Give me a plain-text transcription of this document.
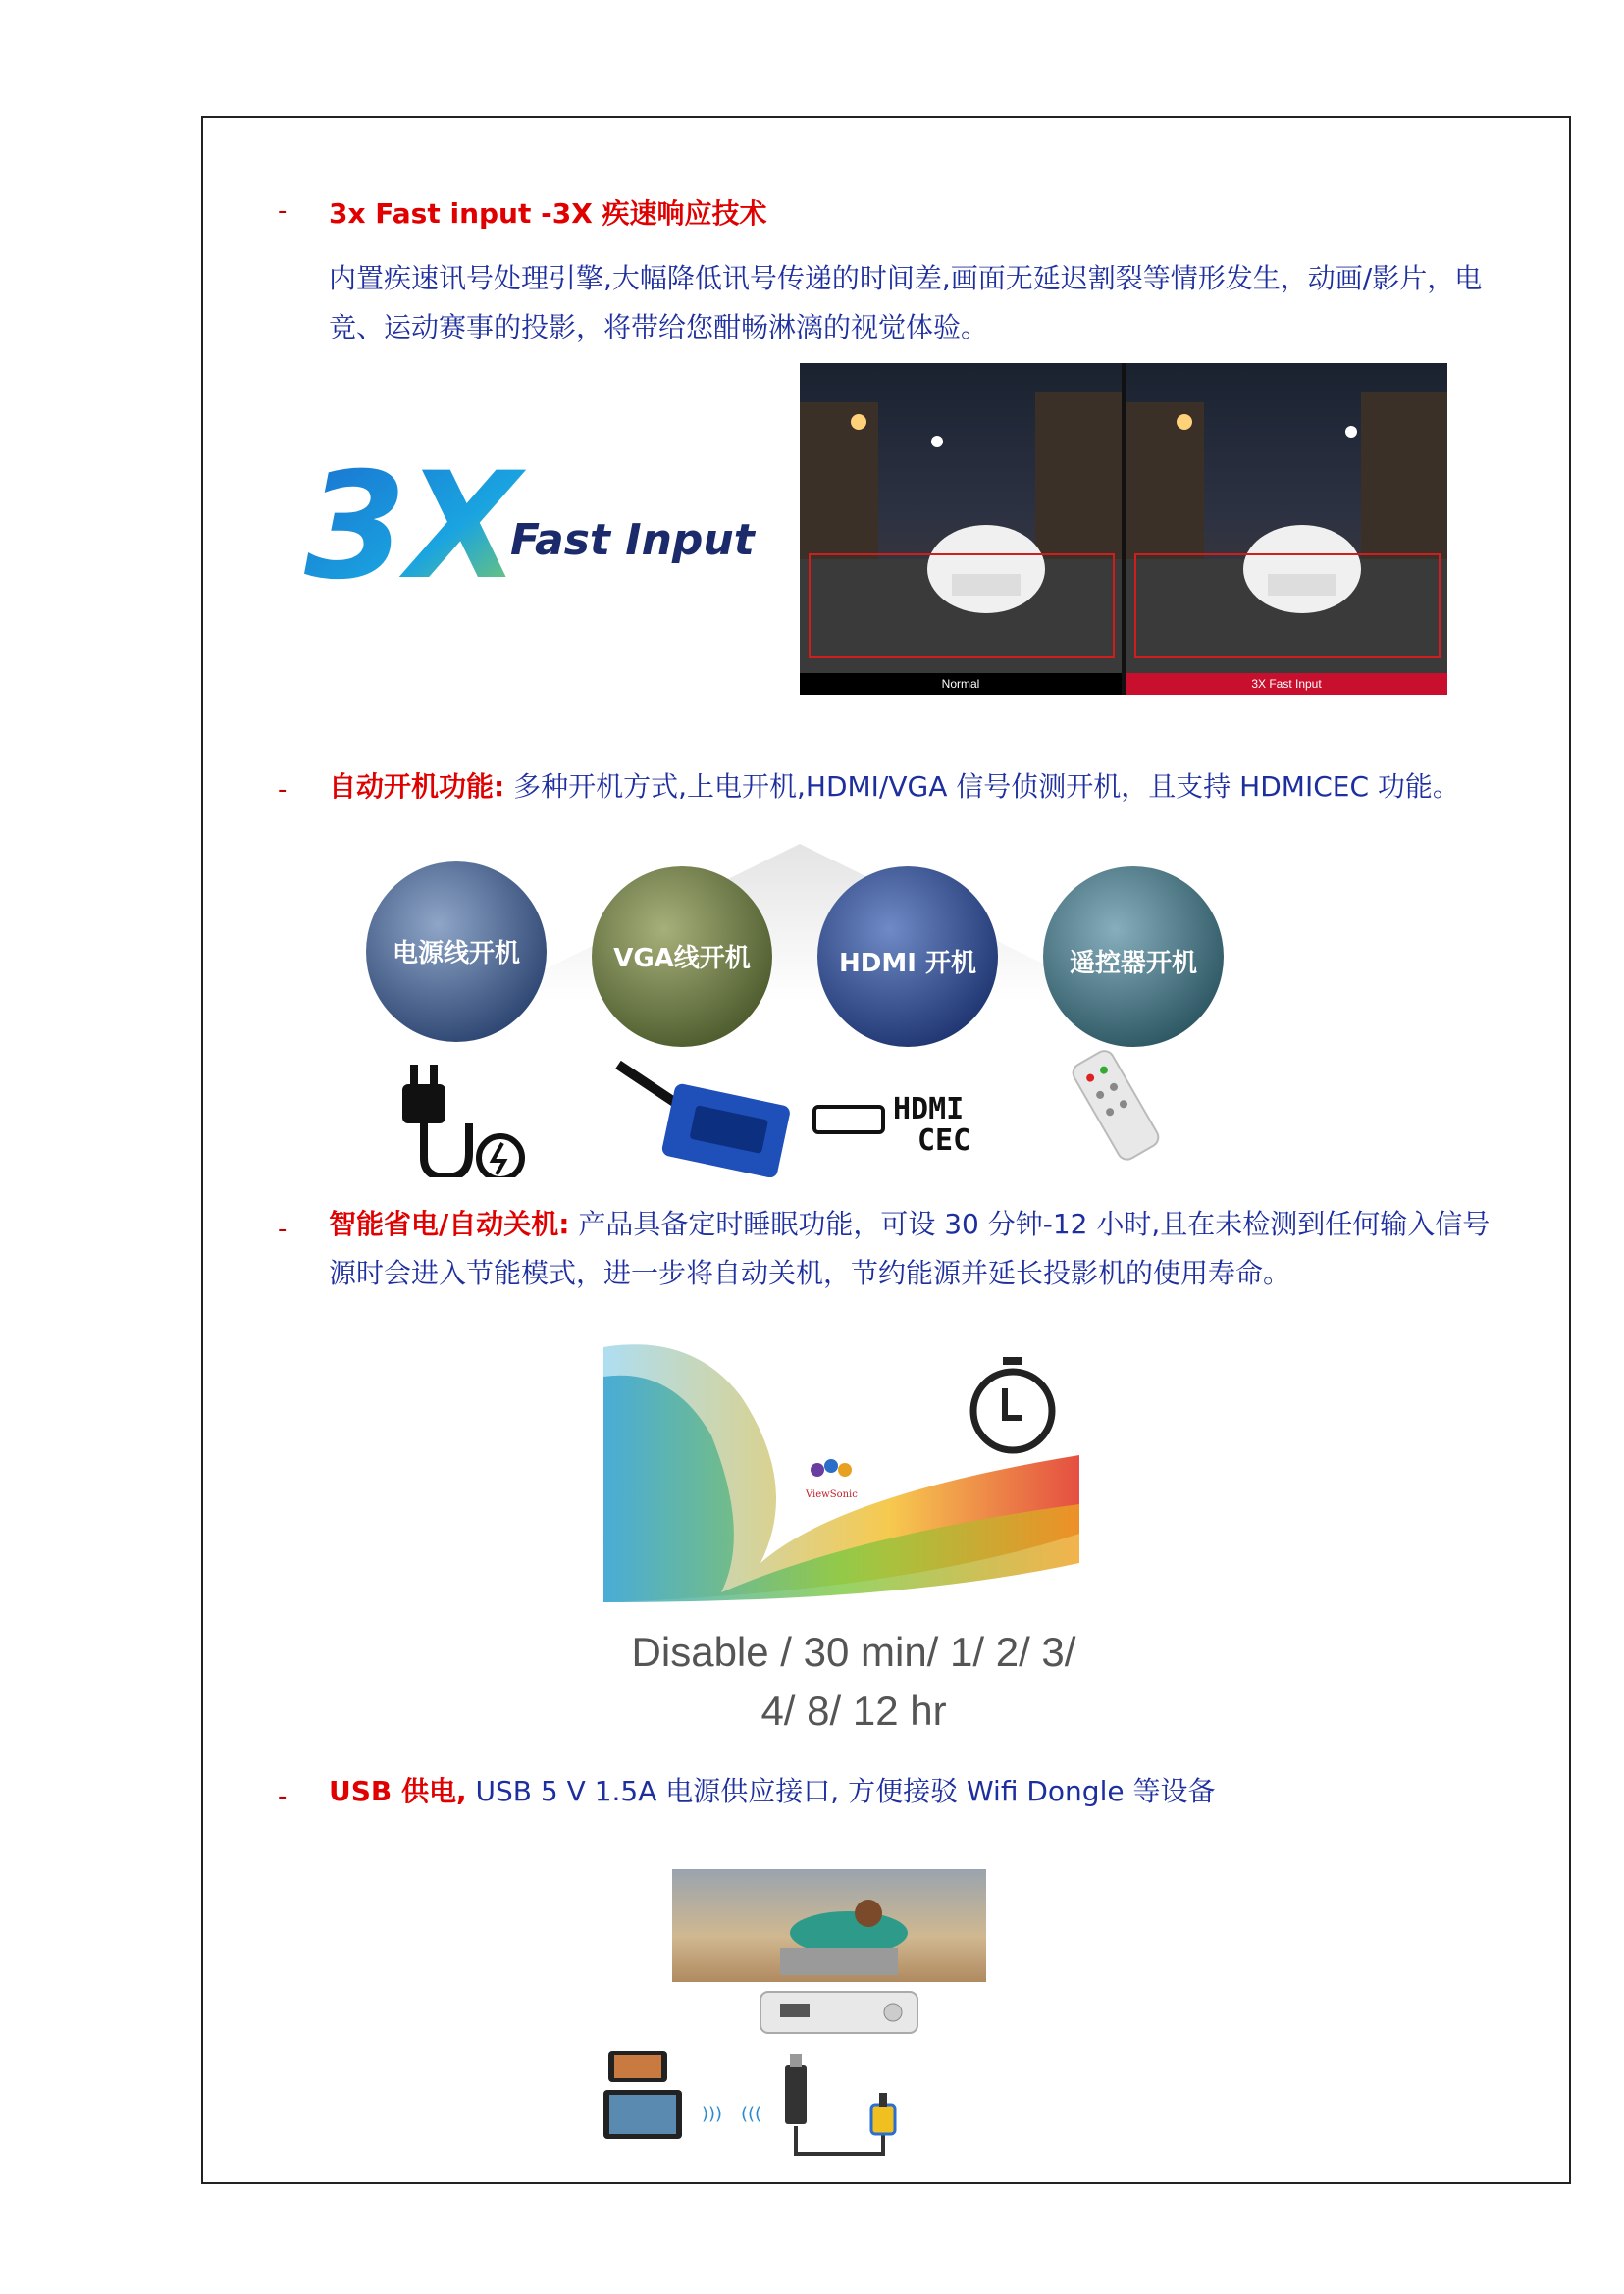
- 3x Fast input -3X 疾速响应技术
内置疾速讯号处理引擎,大幅降低讯号传递的时间差,画面无延迟割裂等情形发生，动画/影片，电
竞、运动赛事的投影，将带给您酣畅淋漓的视觉体验。
3X
Fast Input
Normal	3X Fast Input
- 自动开机功能: 多种开机方式,上电开机,HDMI/VGA 信号侦测开机，且支持 HDMICEC 功能。
电源线开机	VGA线开机	HDMI 开机	遥控器开机
HDMI
CEC
- 智能省电/自动关机: 产品具备定时睡眠功能，可设 30 分钟-12 小时,且在未检测到任何输入信号
源时会进入节能模式，进一步将自动关机，节约能源并延长投影机的使用寿命。
ViewSonic
Disable / 30 min/ 1/ 2/ 3/
4/ 8/ 12 hr
- USB 供电, USB 5 V 1.5A 电源供应接口, 方便接驳 Wifi Dongle 等设备
))) (((
